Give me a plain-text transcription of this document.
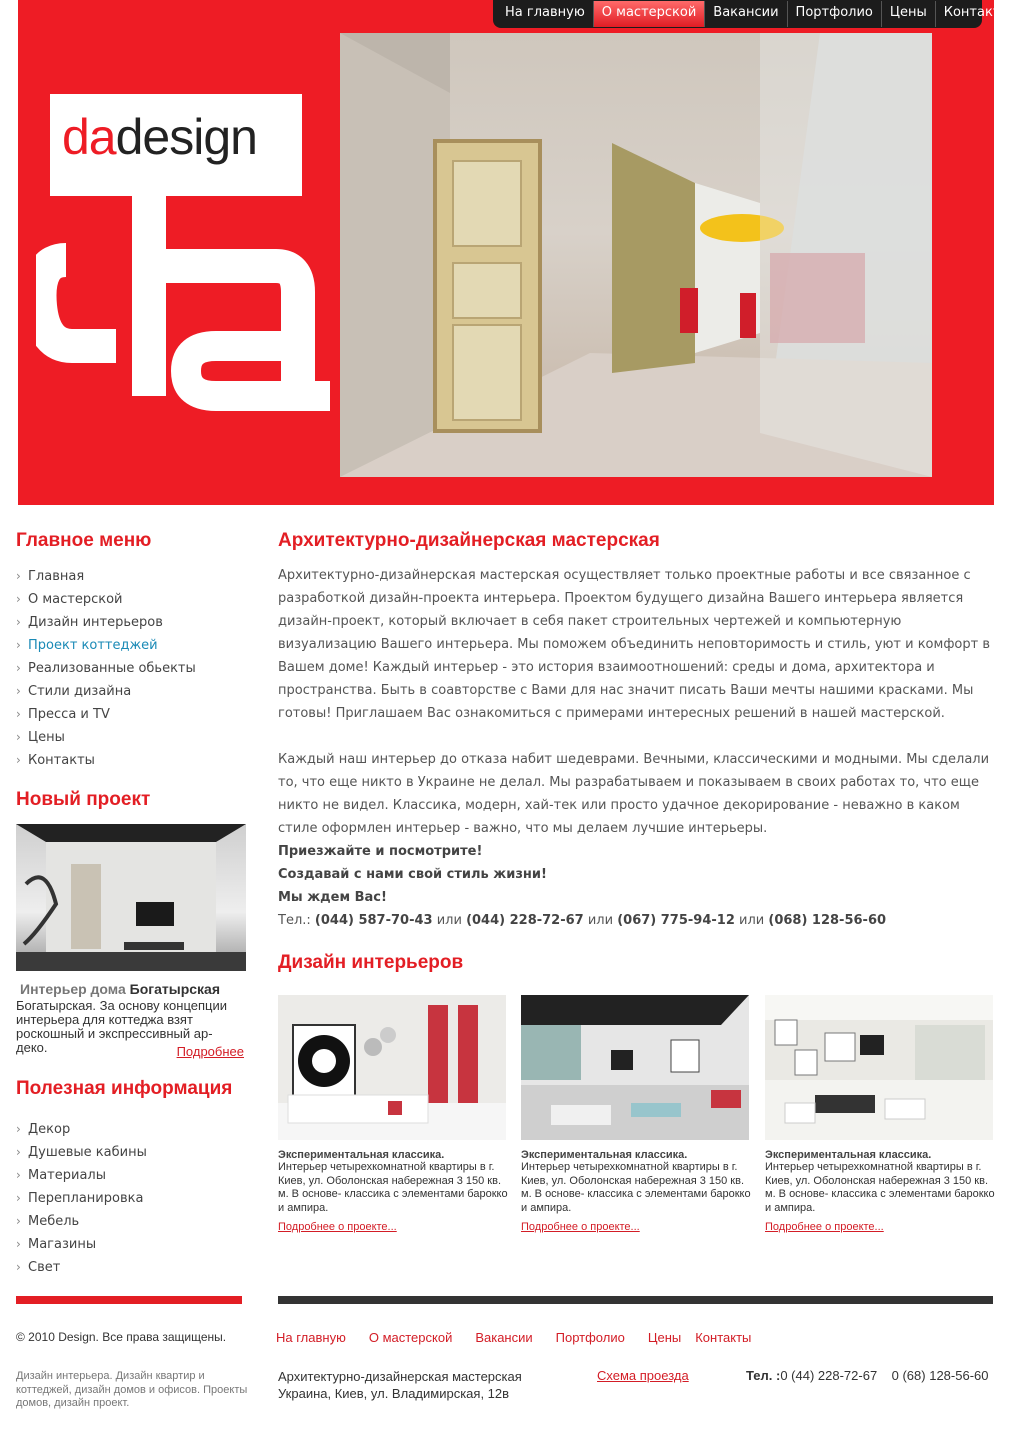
На главную	О мастерской	Вакансии	Портфолио	Цены	Контакты
dadesign
Главное меню
› Главная
› О мастерской
› Дизайн интерьеров
› Проект коттеджей
› Реализованные обьекты
› Стили дизайна
› Пресса и TV
› Цены
› Контакты
Новый проект
Интерьер дома Богатырская
Богатырская. За основу концепции интерьера для коттеджа взят роскошный и экспрессивный ар-деко.	Подробнее
Полезная информация
› Декор
› Душевые кабины
› Материалы
› Перепланировка
› Мебель
› Магазины
› Свет
Архитектурно-дизайнерская мастерская

Архитектурно-дизайнерская мастерская осуществляет только проектные работы и все связанное с разработкой дизайн-проекта интерьера. Проектом будущего дизайна Вашего интерьера является дизайн-проект, который включает в себя пакет строительных чертежей и компьютерную визуализацию Вашего интерьера. Мы поможем объединить неповторимость и стиль, уют и комфорт в Вашем доме! Каждый интерьер - это история взаимоотношений: среды и дома, архитектора и пространства. Быть в соавторстве с Вами для нас значит писать Ваши мечты нашими красками. Мы готовы! Приглашаем Вас ознакомиться с примерами интересных решений в нашей мастерской.

Каждый наш интерьер до отказа набит шедеврами. Вечными, классическими и модными. Мы сделали то, что еще никто в Украине не делал. Мы разрабатываем и показываем в своих работах то, что еще никто не видел. Классика, модерн, хай-тек или просто удачное декорирование - неважно в каком стиле оформлен интерьер - важно, что мы делаем лучшие интерьеры.

Приезжайте и посмотрите!
Создавай с нами свой стиль жизни!
Мы ждем Вас!
Тел.: (044) 587-70-43 или (044) 228-72-67 или (067) 775-94-12 или (068) 128-56-60
Дизайн интерьеров
Экспериментальная классика.
Интерьер четырехкомнатной квартиры в г. Киев, ул. Оболонская набережная 3 150 кв. м. В основе- классика с элементами барокко и ампира.
Подробнее о проекте...
Экспериментальная классика.
Интерьер четырехкомнатной квартиры в г. Киев, ул. Оболонская набережная 3 150 кв. м. В основе- классика с элементами барокко и ампира.
Подробнее о проекте...
Экспериментальная классика.
Интерьер четырехкомнатной квартиры в г. Киев, ул. Оболонская набережная 3 150 кв. м. В основе- классика с элементами барокко и ампира.
Подробнее о проекте...
© 2010 Design. Все права защищены.
Дизайн интерьера. Дизайн квартир и коттеджей, дизайн домов и офисов. Проекты домов, дизайн проект.
На главную О мастерской Вакансии Портфолио Цены Контакты
Архитектурно-дизайнерская мастерская
Украина, Киев, ул. Владимирская, 12в
Схема проезда	Тел. :0 (44) 228-72-67 0 (68) 128-56-60
